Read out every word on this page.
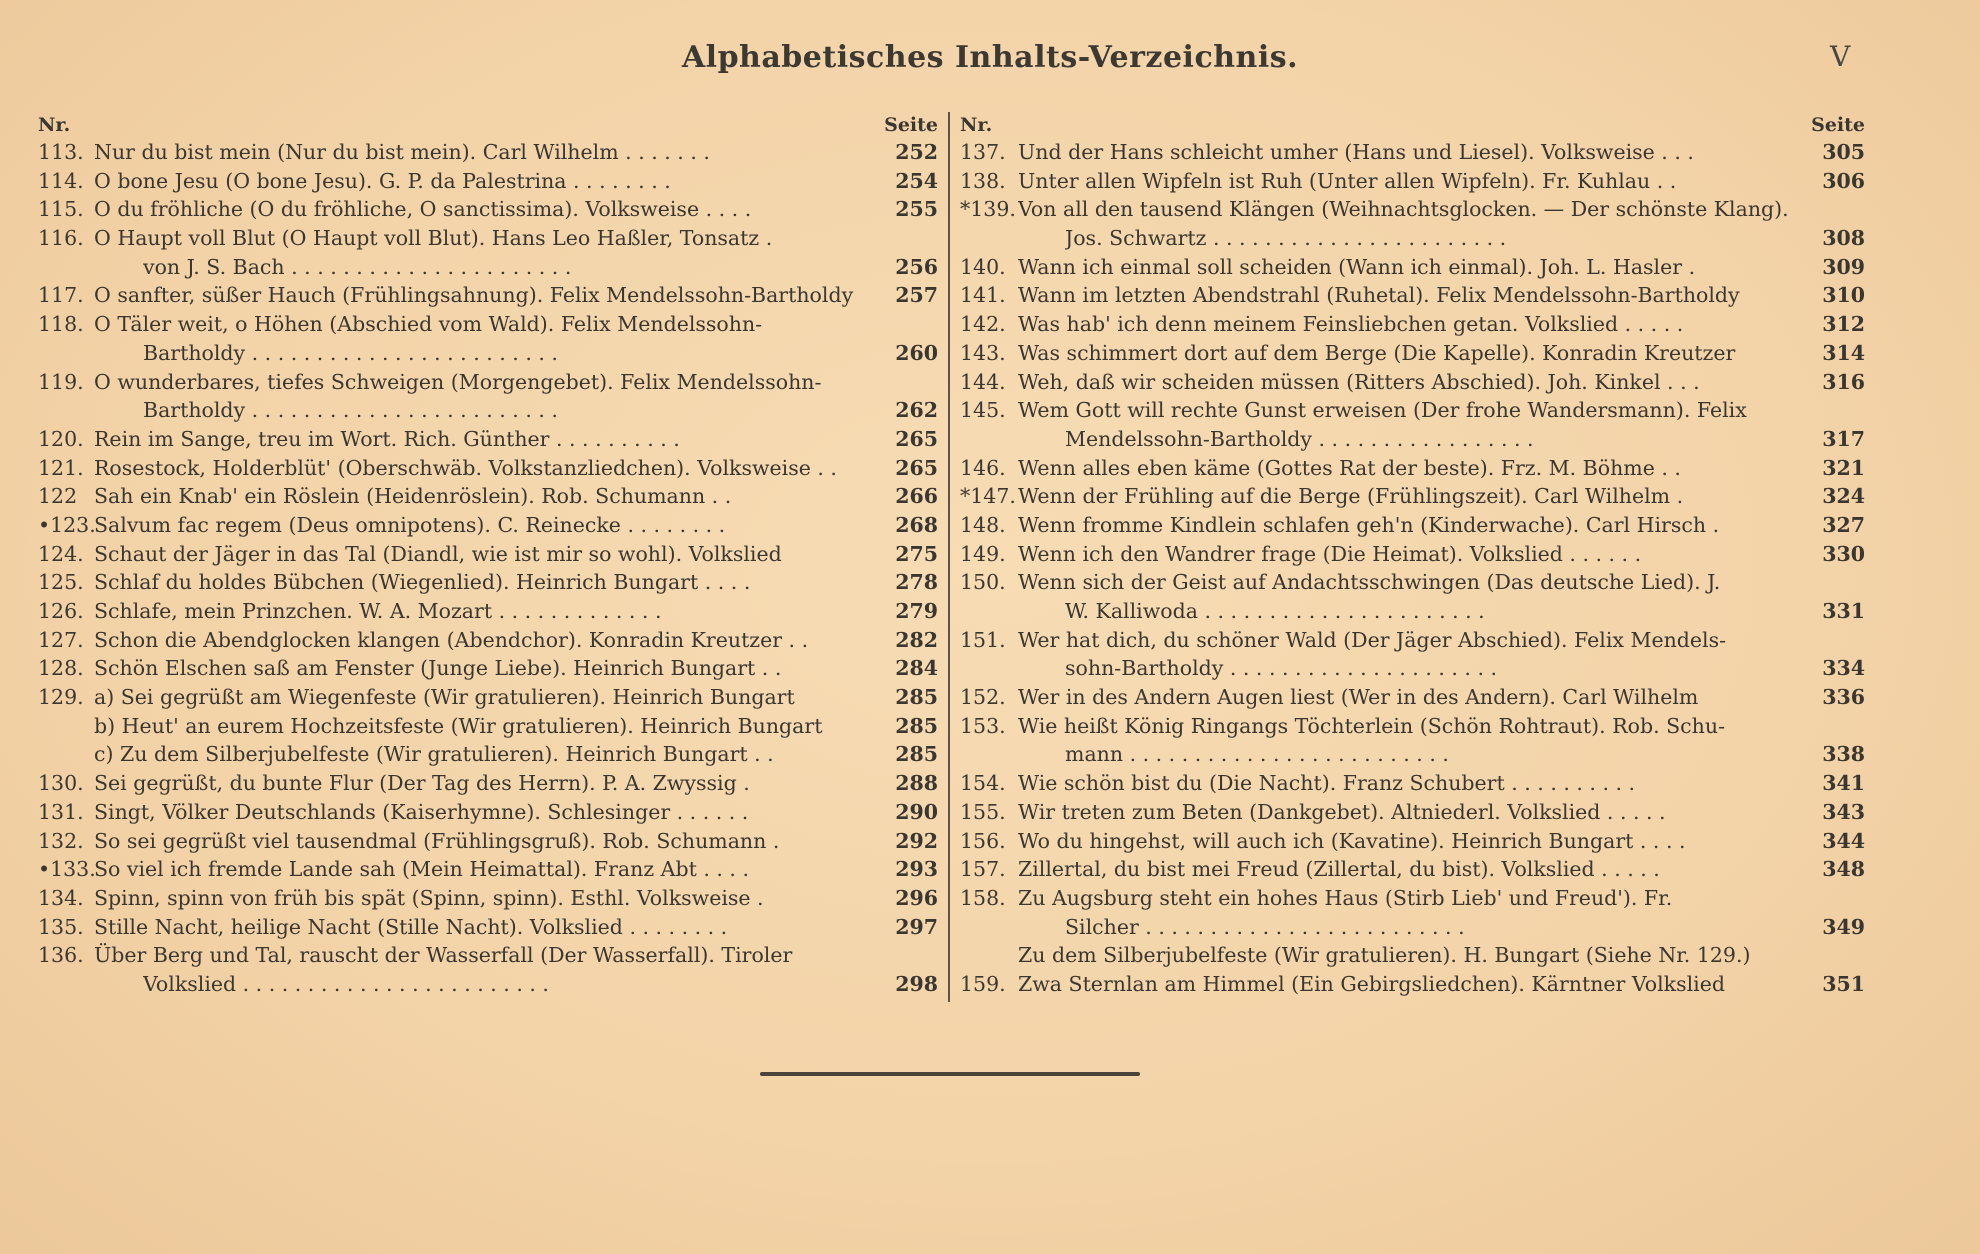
Alphabetisches Inhalts-Verzeichnis.	V
Nr.	Seite
113. Nur du bist mein (Nur du bist mein). Carl Wilhelm . . . . . . .	252
114. O bone Jesu (O bone Jesu). G. P. da Palestrina . . . . . . . .	254
115. O du fröhliche (O du fröhliche, O sanctissima). Volksweise . . . .	255
116. O Haupt voll Blut (O Haupt voll Blut). Hans Leo Haßler, Tonsatz .
von J. S. Bach . . . . . . . . . . . . . . . . . . . . . .	256
117. O sanfter, süßer Hauch (Frühlingsahnung). Felix Mendelssohn-Bartholdy	257
118. O Täler weit, o Höhen (Abschied vom Wald). Felix Mendelssohn-
Bartholdy . . . . . . . . . . . . . . . . . . . . . . . .	260
119. O wunderbares, tiefes Schweigen (Morgengebet). Felix Mendelssohn-
Bartholdy . . . . . . . . . . . . . . . . . . . . . . . .	262
120. Rein im Sange, treu im Wort. Rich. Günther . . . . . . . . . .	265
121. Rosestock, Holderblüt' (Oberschwäb. Volkstanzliedchen). Volksweise . .	265
122 Sah ein Knab' ein Röslein (Heidenröslein). Rob. Schumann . .	266
•123.
Salvum fac regem (Deus omnipotens). C. Reinecke . . . . . . . .	268
124. Schaut der Jäger in das Tal (Diandl, wie ist mir so wohl). Volkslied	275
125. Schlaf du holdes Bübchen (Wiegenlied). Heinrich Bungart . . . .	278
126. Schlafe, mein Prinzchen. W. A. Mozart . . . . . . . . . . . . .	279
127. Schon die Abendglocken klangen (Abendchor). Konradin Kreutzer . .	282
128. Schön Elschen saß am Fenster (Junge Liebe). Heinrich Bungart . .	284
129. a) Sei gegrüßt am Wiegenfeste (Wir gratulieren). Heinrich Bungart	285
b) Heut' an eurem Hochzeitsfeste (Wir gratulieren). Heinrich Bungart	285
c) Zu dem Silberjubelfeste (Wir gratulieren). Heinrich Bungart . .	285
130. Sei gegrüßt, du bunte Flur (Der Tag des Herrn). P. A. Zwyssig .	288
131. Singt, Völker Deutschlands (Kaiserhymne). Schlesinger . . . . . .	290
132. So sei gegrüßt viel tausendmal (Frühlingsgruß). Rob. Schumann .	292
•133.
So viel ich fremde Lande sah (Mein Heimattal). Franz Abt . . . .	293
134. Spinn, spinn von früh bis spät (Spinn, spinn). Esthl. Volksweise .	296
135. Stille Nacht, heilige Nacht (Stille Nacht). Volkslied . . . . . . . .	297
136. Über Berg und Tal, rauscht der Wasserfall (Der Wasserfall). Tiroler
Volkslied . . . . . . . . . . . . . . . . . . . . . . . .	298
Nr.	Seite
137. Und der Hans schleicht umher (Hans und Liesel). Volksweise . . .	305
138. Unter allen Wipfeln ist Ruh (Unter allen Wipfeln). Fr. Kuhlau . .	306
*139. Von all den tausend Klängen (Weihnachtsglocken. — Der schönste Klang).
Jos. Schwartz . . . . . . . . . . . . . . . . . . . . . . .	308
140. Wann ich einmal soll scheiden (Wann ich einmal). Joh. L. Hasler .	309
141. Wann im letzten Abendstrahl (Ruhetal). Felix Mendelssohn-Bartholdy	310
142. Was hab' ich denn meinem Feinsliebchen getan. Volkslied . . . . .	312
143. Was schimmert dort auf dem Berge (Die Kapelle). Konradin Kreutzer	314
144. Weh, daß wir scheiden müssen (Ritters Abschied). Joh. Kinkel . . .	316
145. Wem Gott will rechte Gunst erweisen (Der frohe Wandersmann). Felix
Mendelssohn-Bartholdy . . . . . . . . . . . . . . . . .	317
146. Wenn alles eben käme (Gottes Rat der beste). Frz. M. Böhme . .	321
*147. Wenn der Frühling auf die Berge (Frühlingszeit). Carl Wilhelm .	324
148. Wenn fromme Kindlein schlafen geh'n (Kinderwache). Carl Hirsch .	327
149. Wenn ich den Wandrer frage (Die Heimat). Volkslied . . . . . .	330
150. Wenn sich der Geist auf Andachtsschwingen (Das deutsche Lied). J.
W. Kalliwoda . . . . . . . . . . . . . . . . . . . . . .	331
151. Wer hat dich, du schöner Wald (Der Jäger Abschied). Felix Mendels-
sohn-Bartholdy . . . . . . . . . . . . . . . . . . . . .	334
152. Wer in des Andern Augen liest (Wer in des Andern). Carl Wilhelm	336
153. Wie heißt König Ringangs Töchterlein (Schön Rohtraut). Rob. Schu-
mann . . . . . . . . . . . . . . . . . . . . . . . . .	338
154. Wie schön bist du (Die Nacht). Franz Schubert . . . . . . . . . .	341
155. Wir treten zum Beten (Dankgebet). Altniederl. Volkslied . . . . .	343
156. Wo du hingehst, will auch ich (Kavatine). Heinrich Bungart . . . .	344
157. Zillertal, du bist mei Freud (Zillertal, du bist). Volkslied . . . . .	348
158. Zu Augsburg steht ein hohes Haus (Stirb Lieb' und Freud'). Fr.
Silcher . . . . . . . . . . . . . . . . . . . . . . . . .	349
Zu dem Silberjubelfeste (Wir gratulieren). H. Bungart (Siehe Nr. 129.)
159. Zwa Sternlan am Himmel (Ein Gebirgsliedchen). Kärntner Volkslied	351
